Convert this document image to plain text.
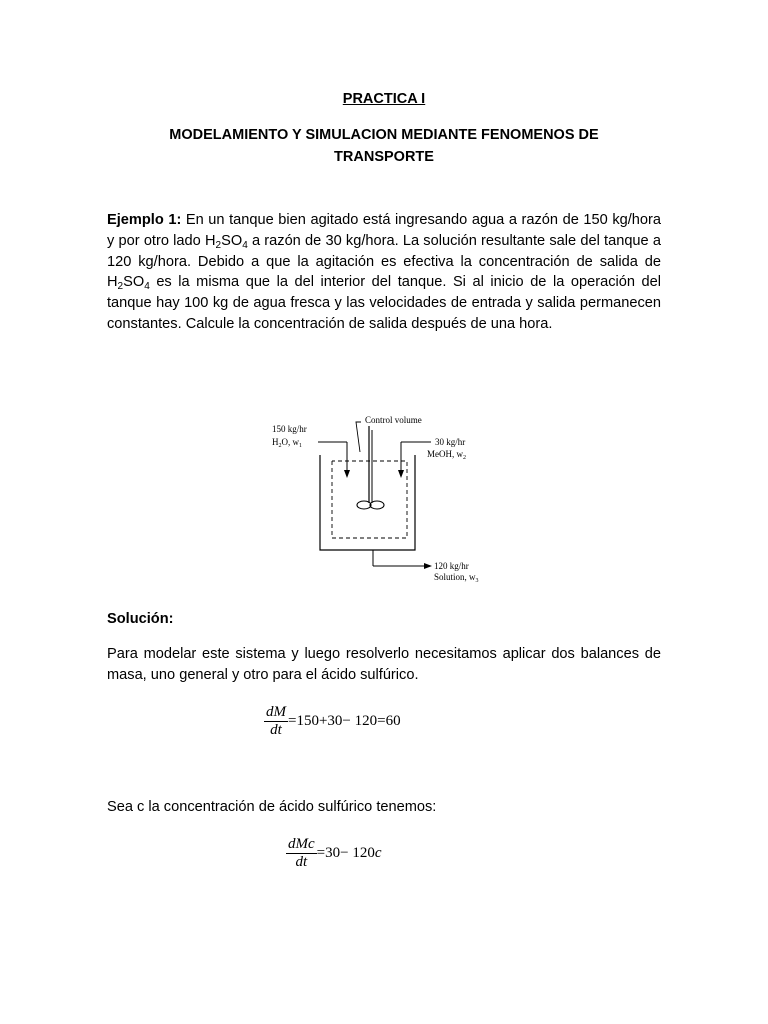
PRACTICA I
MODELAMIENTO Y SIMULACION MEDIANTE FENOMENOS DE TRANSPORTE
Ejemplo 1: En un tanque bien agitado está ingresando agua a razón de 150 kg/hora y por otro lado $H_2SO_4$ a razón de 30 kg/hora. La solución resultante sale del tanque a 120 kg/hora. Debido a que la agitación es efectiva la concentración de salida de $H_2SO_4$ es la misma que la del interior del tanque. Si al inicio de la operación del tanque hay 100 kg de agua fresca y las velocidades de entrada y salida permanecen constantes. Calcule la concentración de salida después de una hora.
Control volume
150 kg/hr
$H_2O$, $w_1$	30 kg/hr
MeOH, $w_2$
120 kg/hr
Solution, $w_3$
Solución:
Para modelar este sistema y luego resolverlo necesitamos aplicar dos balances de masa, uno general y otro para el ácido sulfúrico.
$\frac{dM}{dt} =150+30- 120=60$
Sea c la concentración de ácido sulfúrico tenemos:
$\frac{\text{dMc}}{dt} =30- 120c$
